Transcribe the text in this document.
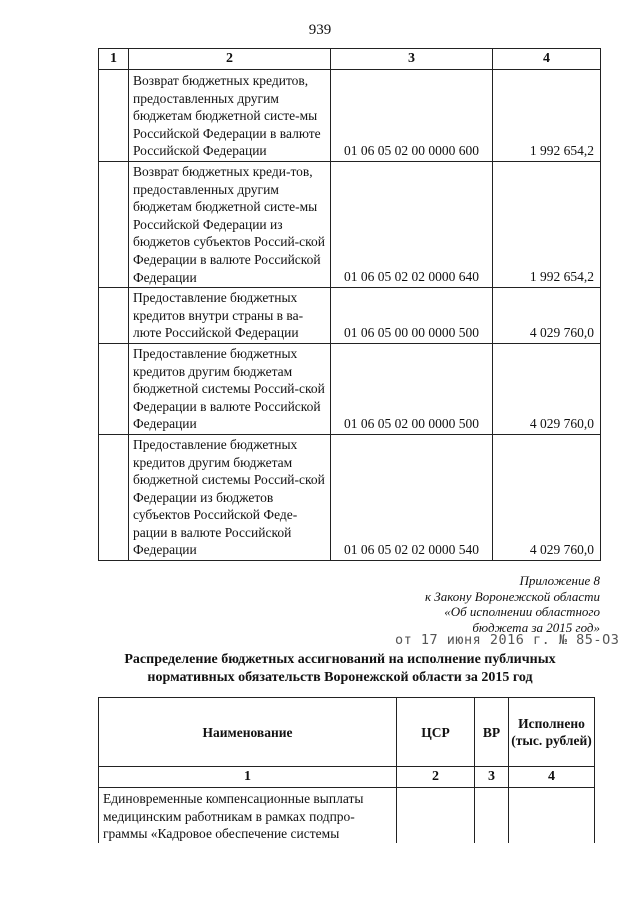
939
1	2	3	4
	Возврат бюджетных кредитов, предоставленных другим бюджетам бюджетной систе-мы Российской Федерации в валюте Российской Федерации	01 06 05 02 00 0000 600	1 992 654,2
	Возврат бюджетных креди-тов, предоставленных другим бюджетам бюджетной систе-мы Российской Федерации из бюджетов субъектов Россий-ской Федерации в валюте Российской Федерации	01 06 05 02 02 0000 640	1 992 654,2
	Предоставление бюджетных кредитов внутри страны в ва-люте Российской Федерации	01 06 05 00 00 0000 500	4 029 760,0
	Предоставление бюджетных кредитов другим бюджетам бюджетной системы Россий-ской Федерации в валюте Российской Федерации	01 06 05 02 00 0000 500	4 029 760,0
	Предоставление бюджетных кредитов другим бюджетам бюджетной системы Россий-ской Федерации из бюджетов субъектов Российской Феде-рации в валюте Российской Федерации	01 06 05 02 02 0000 540	4 029 760,0
Приложение 8
к Закону Воронежской области
«Об исполнении областного
бюджета за 2015 год»
от 17 июня 2016 г. № 85-ОЗ
Распределение бюджетных ассигнований на исполнение публичных
нормативных обязательств Воронежской области за 2015 год
Наименование	ЦСР	ВР	Исполнено (тыс. рублей)
1	2	3	4
Единовременные компенсационные выплаты медицинским работникам в рамках подпро-граммы «Кадровое обеспечение системы			
